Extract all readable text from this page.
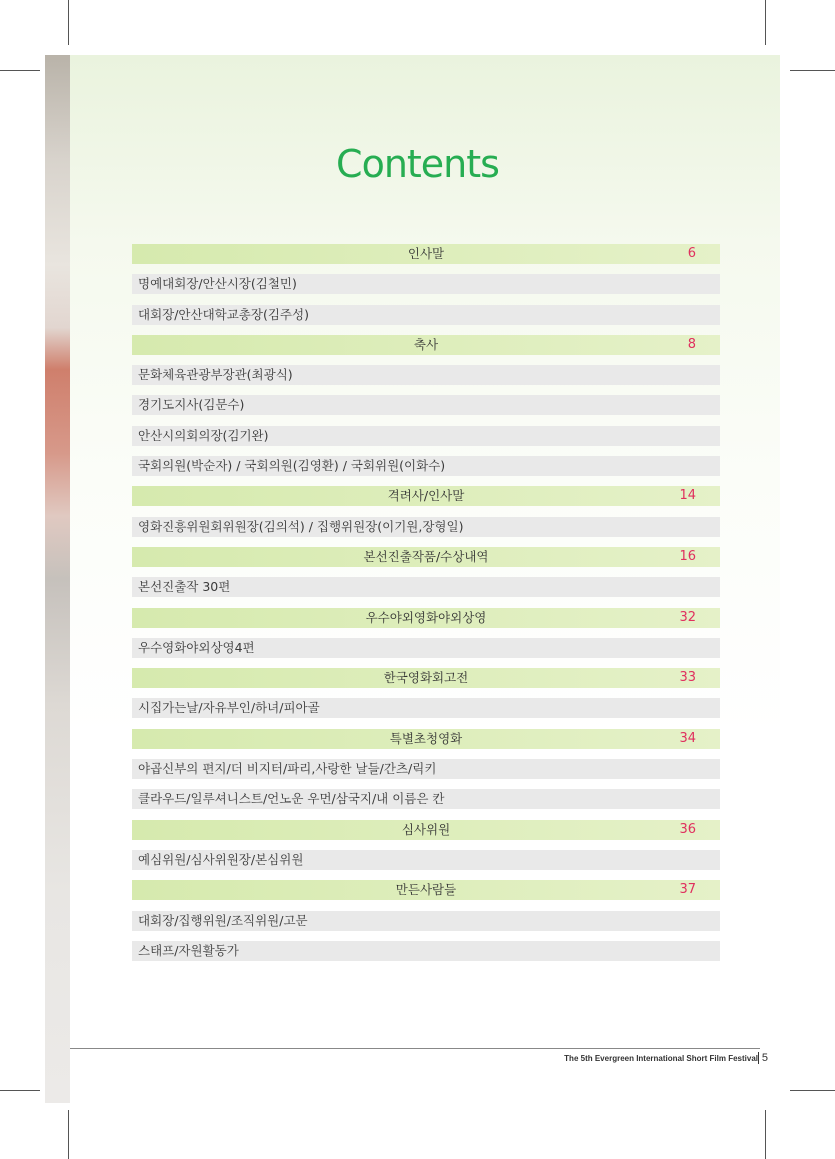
Contents
인사말	6
명예대회장/안산시장(김철민)
대회장/안산대학교총장(김주성)
축사	8
문화체육관광부장관(최광식)
경기도지사(김문수)
안산시의회의장(김기완)
국회의원(박순자) / 국회의원(김영환) / 국회위원(이화수)
격려사/인사말	14
영화진흥위원회위원장(김의석) / 집행위원장(이기원,장형일)
본선진출작품/수상내역	16
본선진출작 30편
우수야외영화야외상영	32
우수영화야외상영4편
한국영화회고전	33
시집가는날/자유부인/하녀/피아골
특별초청영화	34
야곱신부의 편지/더 비지터/파리,사랑한 날들/간츠/릭키
클라우드/일루셔니스트/언노운 우먼/삼국지/내 이름은 칸
심사위원	36
예심위원/심사위원장/본심위원
만든사람들	37
대회장/집행위원/조직위원/고문
스태프/자원활동가
The 5th Evergreen International Short Film Festival 5
